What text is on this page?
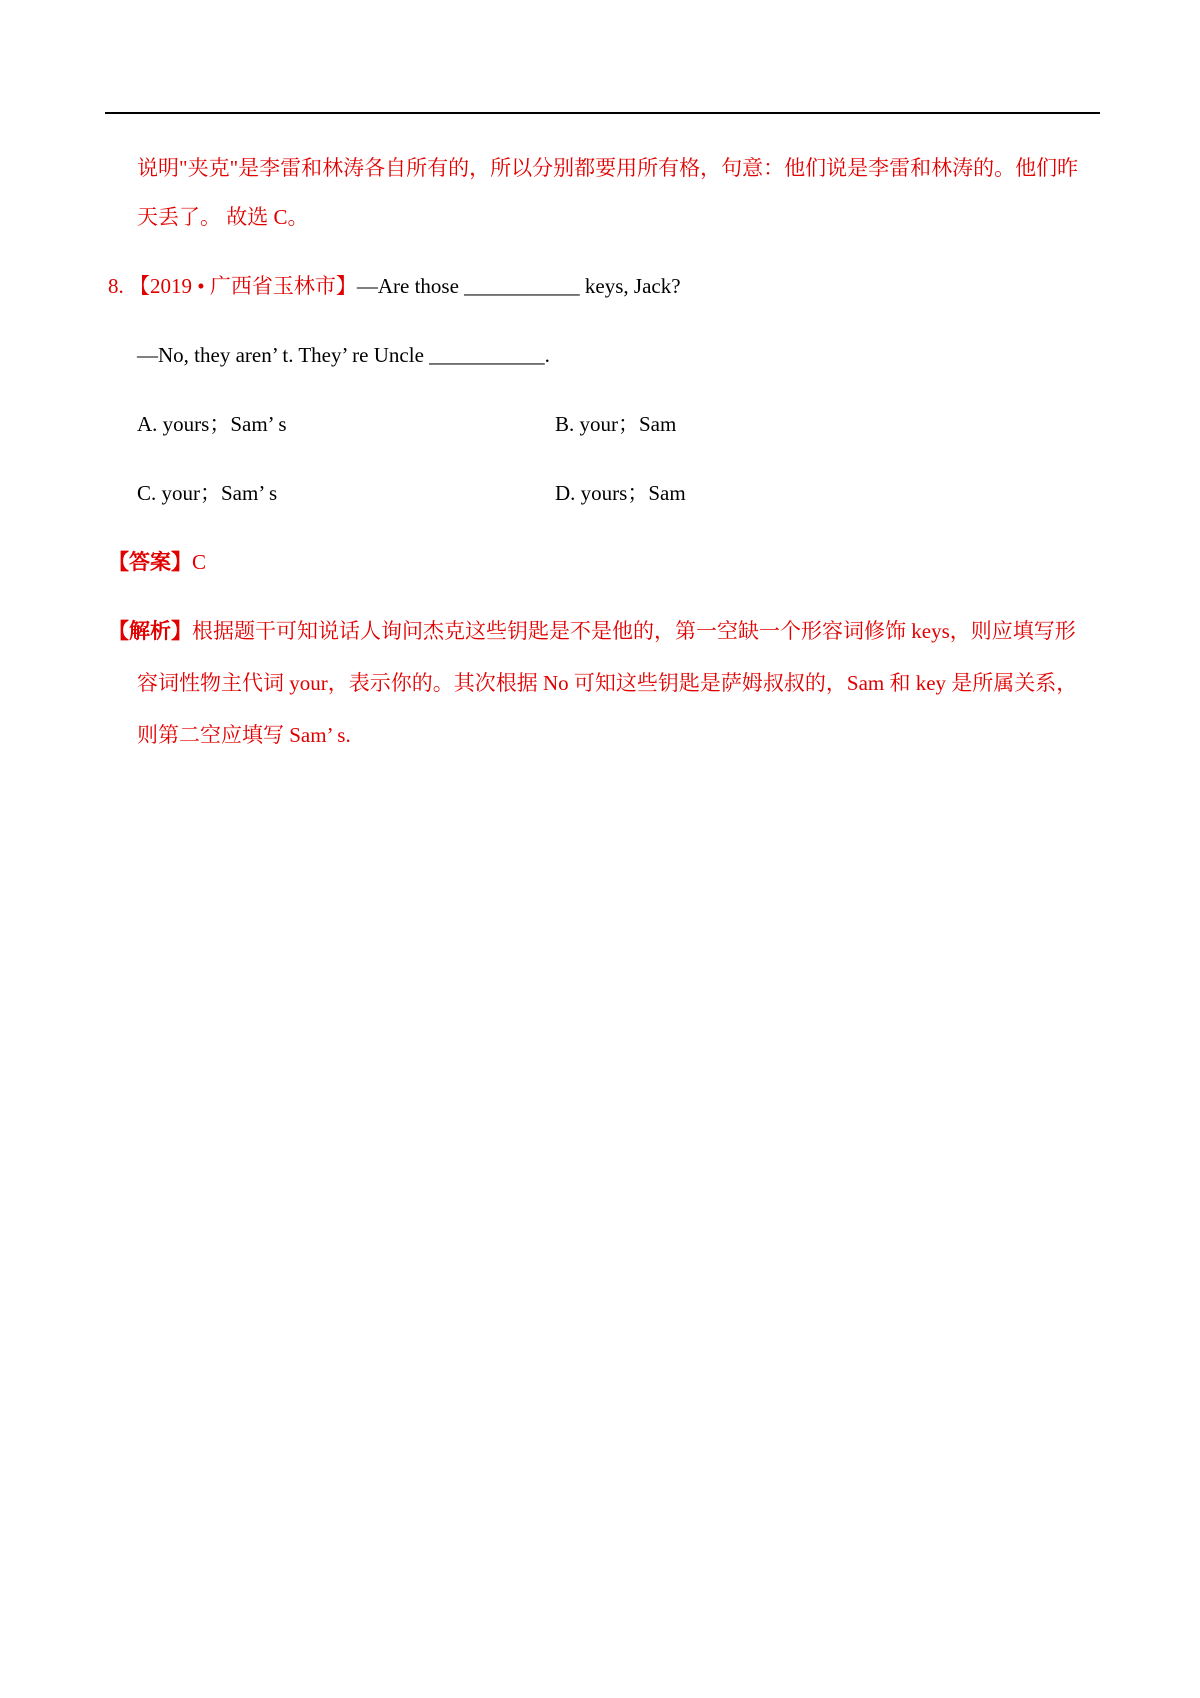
说明"夹克"是李雷和林涛各自所有的，所以分别都要用所有格，句意：他们说是李雷和林涛的。他们昨
天丢了。 故选 C。
8. 【2019 • 广西省玉林市】—Are those ___________ keys, Jack?
—No, they aren’ t. They’ re Uncle ___________.
A. yours；Sam’ s	B. your；Sam
C. your；Sam’ s	D. yours；Sam
【答案】C
【解析】根据题干可知说话人询问杰克这些钥匙是不是他的，第一空缺一个形容词修饰 keys，则应填写形
容词性物主代词 your，表示你的。其次根据 No 可知这些钥匙是萨姆叔叔的，Sam 和 key 是所属关系，
则第二空应填写 Sam’ s.
